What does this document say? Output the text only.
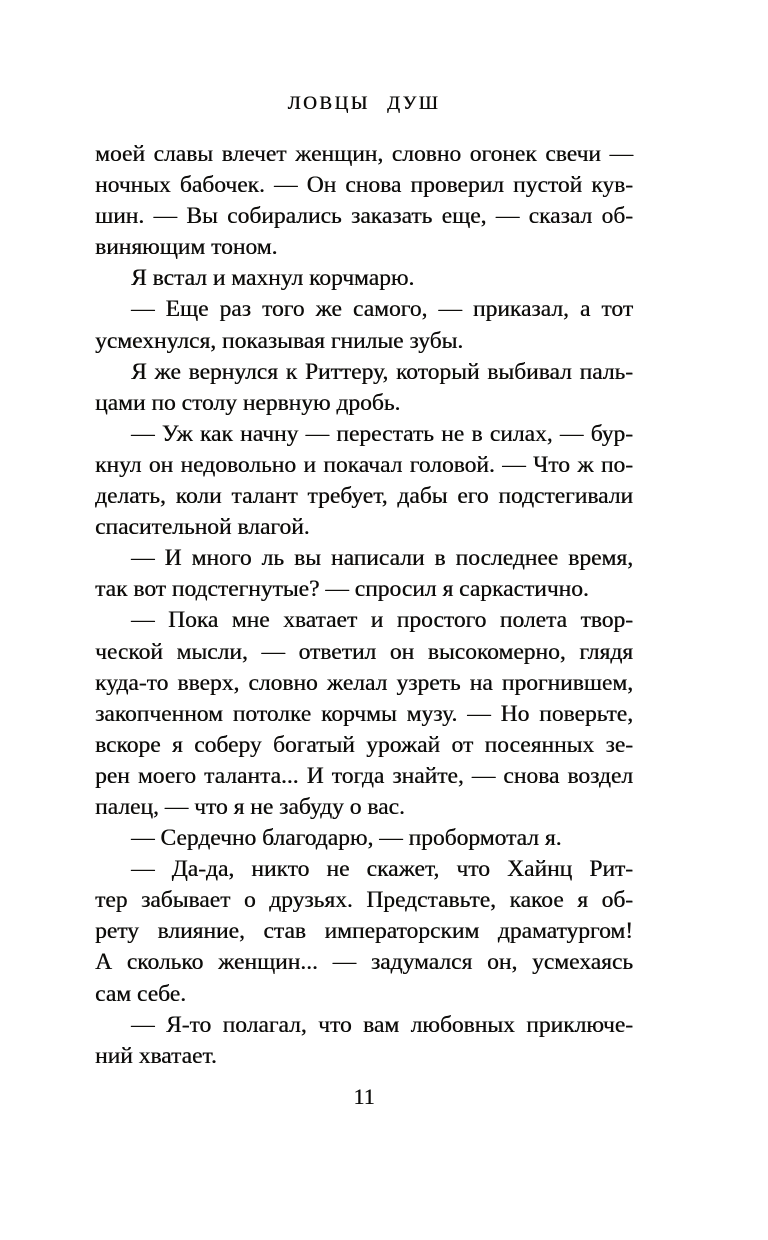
ЛОВЦЫ ДУШ
моей славы влечет женщин, словно огонек свечи —
ночных бабочек. — Он снова проверил пустой кув-
шин. — Вы собирались заказать еще, — сказал об-
виняющим тоном.
Я встал и махнул корчмарю.
— Еще раз того же самого, — приказал, а тот
усмехнулся, показывая гнилые зубы.
Я же вернулся к Риттеру, который выбивал паль-
цами по столу нервную дробь.
— Уж как начну — перестать не в силах, — бур-
кнул он недовольно и покачал головой. — Что ж по-
делать, коли талант требует, дабы его подстегивали
спасительной влагой.
— И много ль вы написали в последнее время,
так вот подстегнутые? — спросил я саркастично.
— Пока мне хватает и простого полета твор-
ческой мысли, — ответил он высокомерно, глядя
куда-то вверх, словно желал узреть на прогнившем,
закопченном потолке корчмы музу. — Но поверьте,
вскоре я соберу богатый урожай от посеянных зе-
рен моего таланта... И тогда знайте, — снова воздел
палец, — что я не забуду о вас.
— Сердечно благодарю, — пробормотал я.
— Да-да, никто не скажет, что Хайнц Рит-
тер забывает о друзьях. Представьте, какое я об-
рету влияние, став императорским драматургом!
А сколько женщин... — задумался он, усмехаясь
сам себе.
— Я-то полагал, что вам любовных приключе-
ний хватает.
11
